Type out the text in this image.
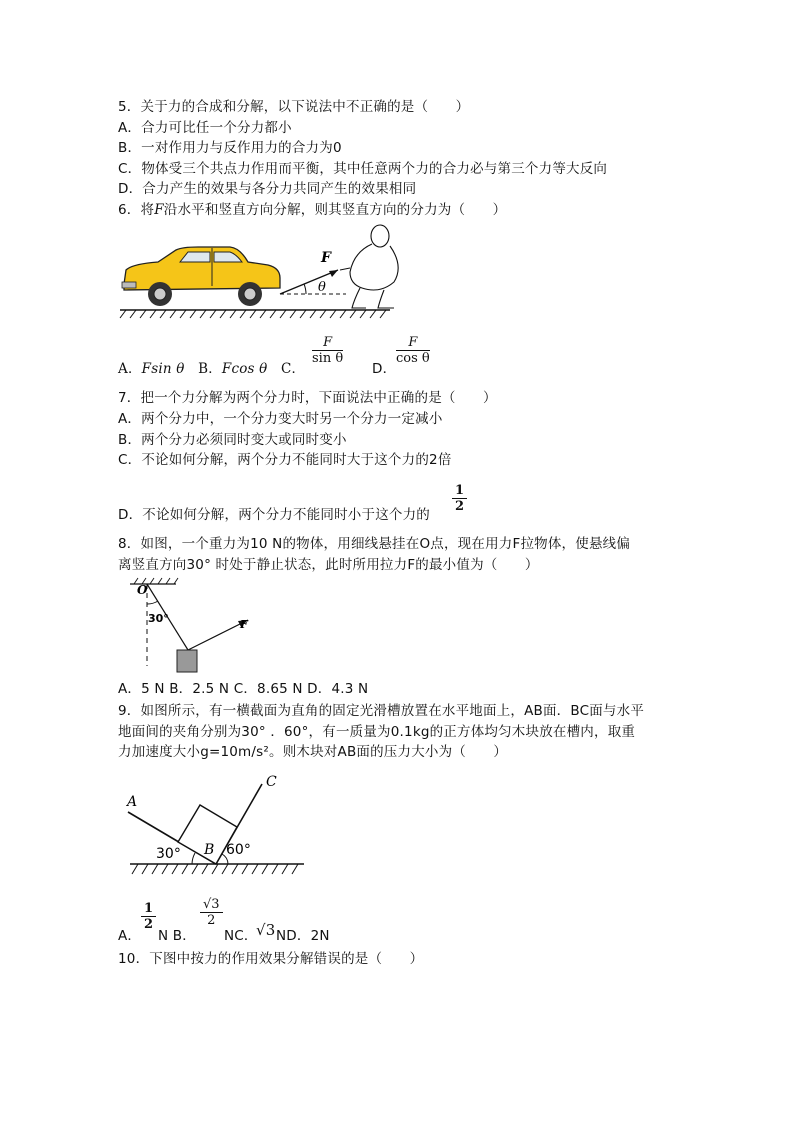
5．关于力的合成和分解，以下说法中不正确的是（　　）
A．合力可比任一个分力都小
B．一对作用力与反作用力的合力为0
C．物体受三个共点力作用而平衡，其中任意两个力的合力必与第三个力等大反向
D．合力产生的效果与各分力共同产生的效果相同
6．将F沿水平和竖直方向分解，则其竖直方向的分力为（　　）
F
θ
A．Fsin θ B．Fcos θ C．
$\frac{F}{\text{sin θ}}$
D．
$\frac{F}{\text{cos θ}}$
7．把一个力分解为两个分力时，下面说法中正确的是（　　）
A．两个分力中，一个分力变大时另一个分力一定减小
B．两个分力必须同时变大或同时变小
C．不论如何分解，两个分力不能同时大于这个力的2倍
D．不论如何分解，两个分力不能同时小于这个力的
$\frac{1}{2}$
8．如图，一个重力为10 N的物体，用细线悬挂在O点，现在用力F拉物体，使悬线偏
离竖直方向30° 时处于静止状态，此时所用拉力F的最小值为（　　）
O
30°	F
A．5 N B．2.5 N C．8.65 N D．4.3 N
9．如图所示，有一横截面为直角的固定光滑槽放置在水平地面上，AB面．BC面与水平
地面间的夹角分别为30° ．60°，有一质量为0.1kg的正方体均匀木块放在槽内，取重
力加速度大小g=10m/s²。则木块对AB面的压力大小为（　　）
A
B
C
30°	60°
A．
$\frac{1}{2}$
N B．
$\frac{√3}{2}$
NC．
√3 ND．2N
10．下图中按力的作用效果分解错误的是（　　）
